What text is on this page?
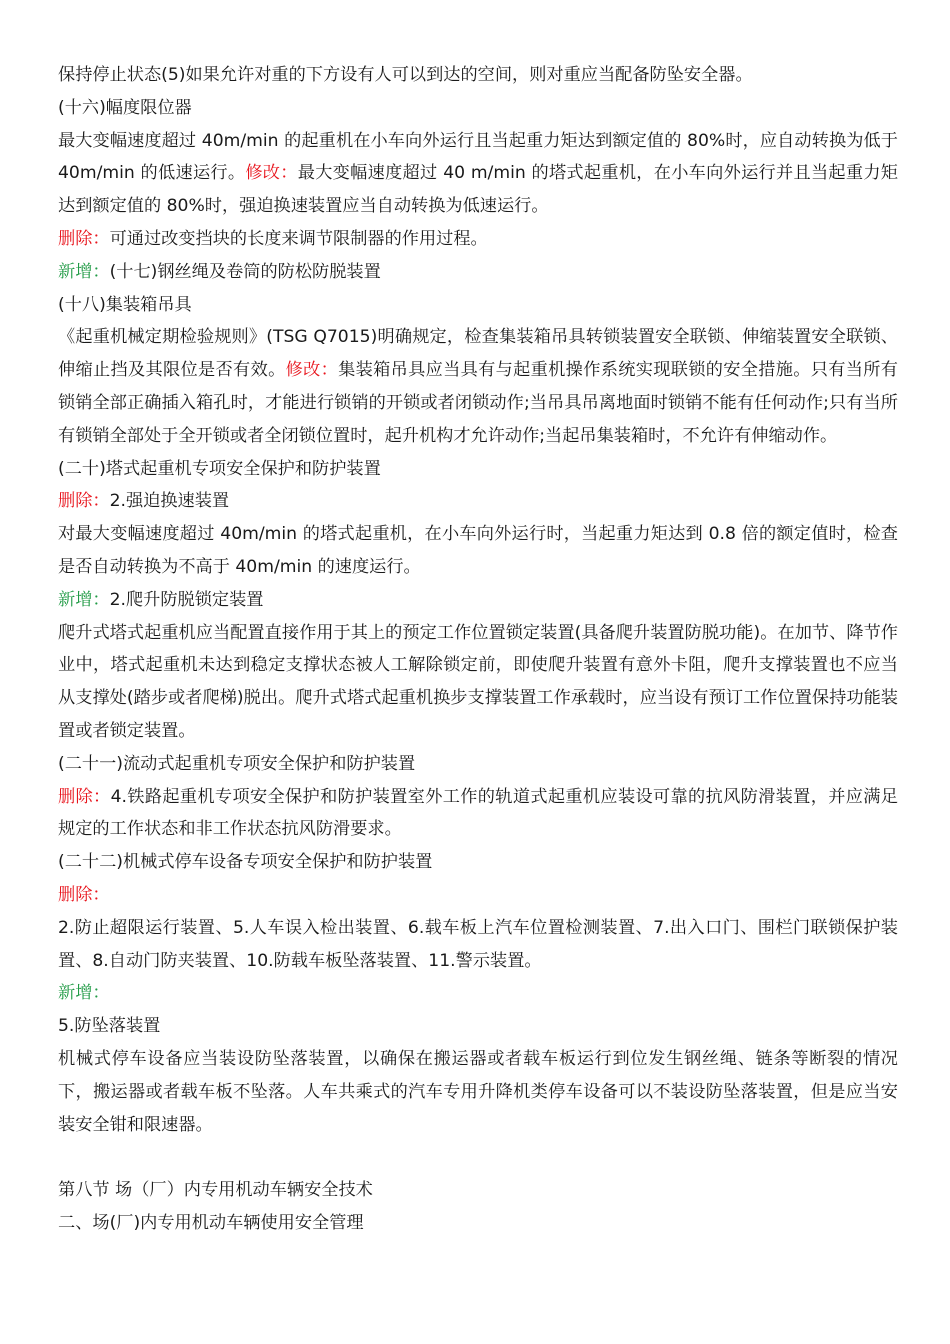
保持停止状态(5)如果允许对重的下方设有人可以到达的空间，则对重应当配备防坠安全器。

(十六)幅度限位器

最大变幅速度超过 40m/min 的起重机在小车向外运行且当起重力矩达到额定值的 80%时，应自动转换为低于 40m/min 的低速运行。修改：最大变幅速度超过 40 m/min 的塔式起重机，在小车向外运行并且当起重力矩达到额定值的 80%时，强迫换速装置应当自动转换为低速运行。

删除：可通过改变挡块的长度来调节限制器的作用过程。

新增：(十七)钢丝绳及卷筒的防松防脱装置

(十八)集装箱吊具

《起重机械定期检验规则》(TSG Q7015)明确规定，检查集装箱吊具转锁装置安全联锁、伸缩装置安全联锁、伸缩止挡及其限位是否有效。修改：集装箱吊具应当具有与起重机操作系统实现联锁的安全措施。只有当所有锁销全部正确插入箱孔时，才能进行锁销的开锁或者闭锁动作;当吊具吊离地面时锁销不能有任何动作;只有当所有锁销全部处于全开锁或者全闭锁位置时，起升机构才允许动作;当起吊集装箱时，不允许有伸缩动作。

(二十)塔式起重机专项安全保护和防护装置

删除：2.强迫换速装置

对最大变幅速度超过 40m/min 的塔式起重机，在小车向外运行时，当起重力矩达到 0.8 倍的额定值时，检查是否自动转换为不高于 40m/min 的速度运行。

新增：2.爬升防脱锁定装置

爬升式塔式起重机应当配置直接作用于其上的预定工作位置锁定装置(具备爬升装置防脱功能)。在加节、降节作业中，塔式起重机未达到稳定支撑状态被人工解除锁定前，即使爬升装置有意外卡阻，爬升支撑装置也不应当从支撑处(踏步或者爬梯)脱出。爬升式塔式起重机换步支撑装置工作承载时，应当设有预订工作位置保持功能装置或者锁定装置。

(二十一)流动式起重机专项安全保护和防护装置

删除：4.铁路起重机专项安全保护和防护装置室外工作的轨道式起重机应装设可靠的抗风防滑装置，并应满足规定的工作状态和非工作状态抗风防滑要求。

(二十二)机械式停车设备专项安全保护和防护装置

删除：

2.防止超限运行装置、5.人车误入检出装置、6.载车板上汽车位置检测装置、7.出入口门、围栏门联锁保护装置、8.自动门防夹装置、10.防载车板坠落装置、11.警示装置。

新增：

5.防坠落装置

机械式停车设备应当装设防坠落装置，以确保在搬运器或者载车板运行到位发生钢丝绳、链条等断裂的情况下，搬运器或者载车板不坠落。人车共乘式的汽车专用升降机类停车设备可以不装设防坠落装置，但是应当安装安全钳和限速器。

第八节 场（厂）内专用机动车辆安全技术

二、场(厂)内专用机动车辆使用安全管理
